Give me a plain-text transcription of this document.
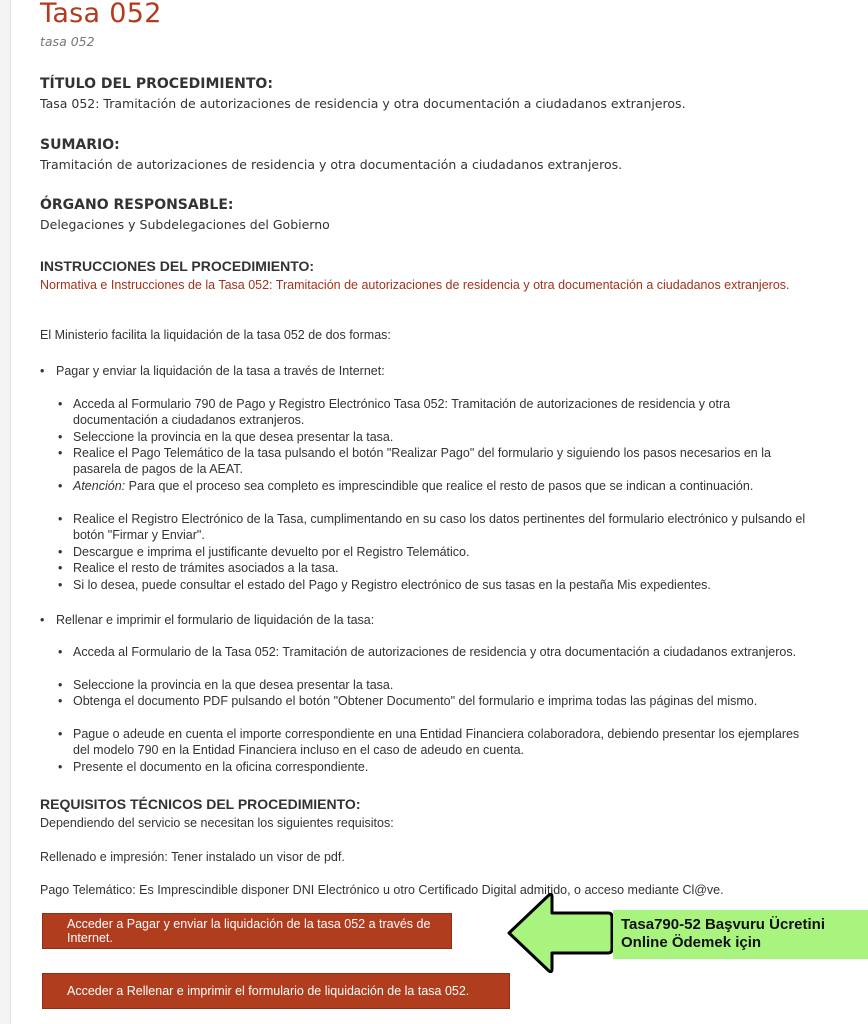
Tasa 052
tasa 052
TÍTULO DEL PROCEDIMIENTO:
Tasa 052: Tramitación de autorizaciones de residencia y otra documentación a ciudadanos extranjeros.
SUMARIO:
Tramitación de autorizaciones de residencia y otra documentación a ciudadanos extranjeros.
ÓRGANO RESPONSABLE:
Delegaciones y Subdelegaciones del Gobierno
INSTRUCCIONES DEL PROCEDIMIENTO:
Normativa e Instrucciones de la Tasa 052: Tramitación de autorizaciones de residencia y otra documentación a ciudadanos extranjeros.
El Ministerio facilita la liquidación de la tasa 052 de dos formas:
• Pagar y enviar la liquidación de la tasa a través de Internet:
• Acceda al Formulario 790 de Pago y Registro Electrónico Tasa 052: Tramitación de autorizaciones de residencia y otra documentación a ciudadanos extranjeros.
• Seleccione la provincia en la que desea presentar la tasa.
• Realice el Pago Telemático de la tasa pulsando el botón "Realizar Pago" del formulario y siguiendo los pasos necesarios en la pasarela de pagos de la AEAT.
• Atención: Para que el proceso sea completo es imprescindible que realice el resto de pasos que se indican a continuación.
• Realice el Registro Electrónico de la Tasa, cumplimentando en su caso los datos pertinentes del formulario electrónico y pulsando el botón "Firmar y Enviar".
• Descargue e imprima el justificante devuelto por el Registro Telemático.
• Realice el resto de trámites asociados a la tasa.
• Si lo desea, puede consultar el estado del Pago y Registro electrónico de sus tasas en la pestaña Mis expedientes.
• Rellenar e imprimir el formulario de liquidación de la tasa:
• Acceda al Formulario de la Tasa 052: Tramitación de autorizaciones de residencia y otra documentación a ciudadanos extranjeros.
• Seleccione la provincia en la que desea presentar la tasa.
• Obtenga el documento PDF pulsando el botón "Obtener Documento" del formulario e imprima todas las páginas del mismo.
• Pague o adeude en cuenta el importe correspondiente en una Entidad Financiera colaboradora, debiendo presentar los ejemplares del modelo 790 en la Entidad Financiera incluso en el caso de adeudo en cuenta.
• Presente el documento en la oficina correspondiente.
REQUISITOS TÉCNICOS DEL PROCEDIMIENTO:
Dependiendo del servicio se necesitan los siguientes requisitos:
Rellenado e impresión: Tener instalado un visor de pdf.
Pago Telemático: Es Imprescindible disponer DNI Electrónico u otro Certificado Digital admitido, o acceso mediante Cl@ve.
Acceder a Pagar y enviar la liquidación de la tasa 052 a través de Internet.
Acceder a Rellenar e imprimir el formulario de liquidación de la tasa 052.
Tasa790-52 Başvuru Ücretini
Online Ödemek için
